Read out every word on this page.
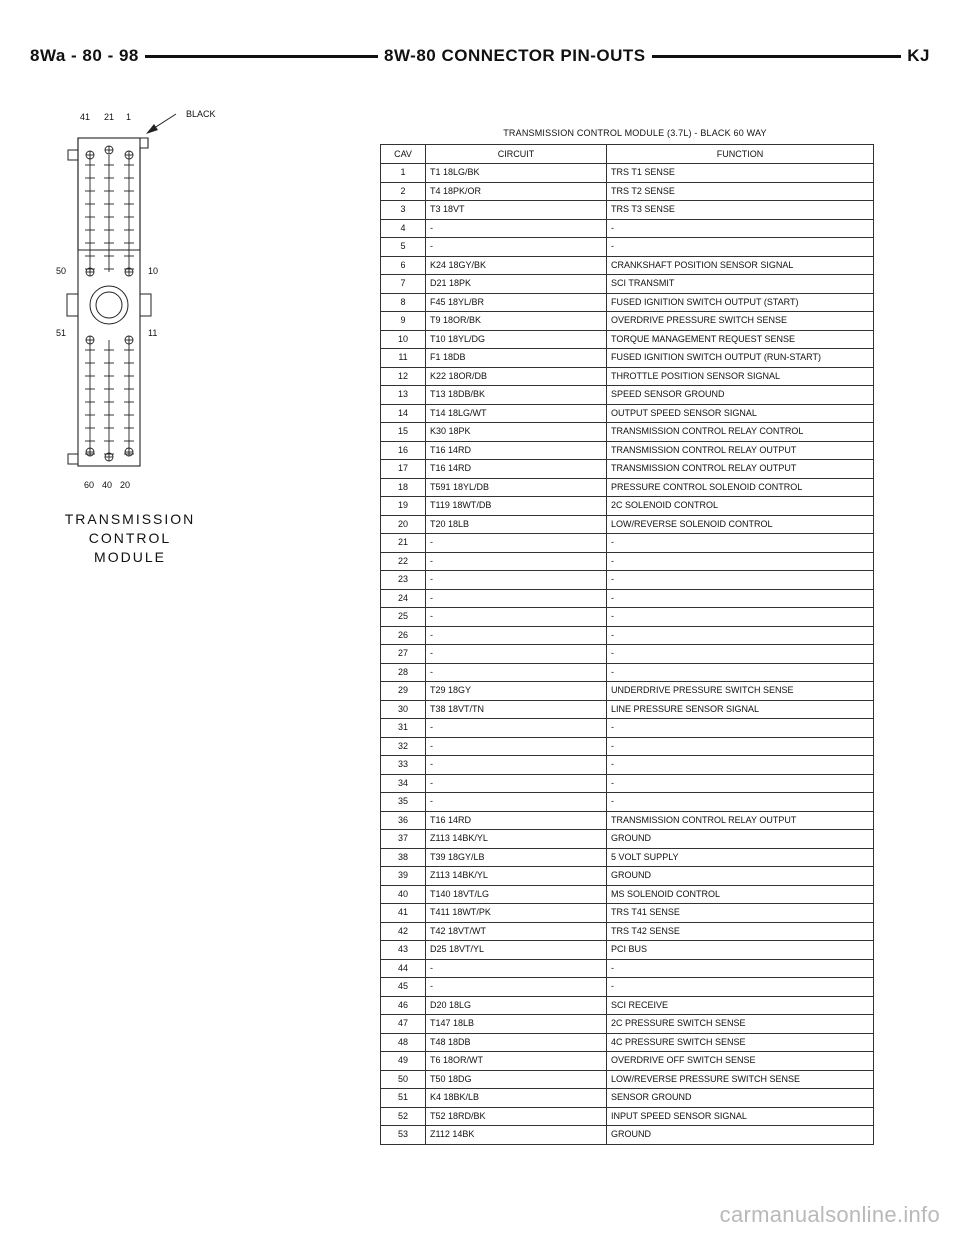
8Wa - 80 - 98	8W-80 CONNECTOR PIN-OUTS	KJ
41 21 1	BLACK
50	10
51	11
60 40 20
TRANSMISSION
CONTROL
MODULE
TRANSMISSION CONTROL MODULE (3.7L) - BLACK 60 WAY
CAV	CIRCUIT	FUNCTION
1	T1 18LG/BK	TRS T1 SENSE
2	T4 18PK/OR	TRS T2 SENSE
3	T3 18VT	TRS T3 SENSE
4	-	-
5	-	-
6	K24 18GY/BK	CRANKSHAFT POSITION SENSOR SIGNAL
7	D21 18PK	SCI TRANSMIT
8	F45 18YL/BR	FUSED IGNITION SWITCH OUTPUT (START)
9	T9 18OR/BK	OVERDRIVE PRESSURE SWITCH SENSE
10	T10 18YL/DG	TORQUE MANAGEMENT REQUEST SENSE
11	F1 18DB	FUSED IGNITION SWITCH OUTPUT (RUN-START)
12	K22 18OR/DB	THROTTLE POSITION SENSOR SIGNAL
13	T13 18DB/BK	SPEED SENSOR GROUND
14	T14 18LG/WT	OUTPUT SPEED SENSOR SIGNAL
15	K30 18PK	TRANSMISSION CONTROL RELAY CONTROL
16	T16 14RD	TRANSMISSION CONTROL RELAY OUTPUT
17	T16 14RD	TRANSMISSION CONTROL RELAY OUTPUT
18	T591 18YL/DB	PRESSURE CONTROL SOLENOID CONTROL
19	T119 18WT/DB	2C SOLENOID CONTROL
20	T20 18LB	LOW/REVERSE SOLENOID CONTROL
21	-	-
22	-	-
23	-	-
24	-	-
25	-	-
26	-	-
27	-	-
28	-	-
29	T29 18GY	UNDERDRIVE PRESSURE SWITCH SENSE
30	T38 18VT/TN	LINE PRESSURE SENSOR SIGNAL
31	-	-
32	-	-
33	-	-
34	-	-
35	-	-
36	T16 14RD	TRANSMISSION CONTROL RELAY OUTPUT
37	Z113 14BK/YL	GROUND
38	T39 18GY/LB	5 VOLT SUPPLY
39	Z113 14BK/YL	GROUND
40	T140 18VT/LG	MS SOLENOID CONTROL
41	T411 18WT/PK	TRS T41 SENSE
42	T42 18VT/WT	TRS T42 SENSE
43	D25 18VT/YL	PCI BUS
44	-	-
45	-	-
46	D20 18LG	SCI RECEIVE
47	T147 18LB	2C PRESSURE SWITCH SENSE
48	T48 18DB	4C PRESSURE SWITCH SENSE
49	T6 18OR/WT	OVERDRIVE OFF SWITCH SENSE
50	T50 18DG	LOW/REVERSE PRESSURE SWITCH SENSE
51	K4 18BK/LB	SENSOR GROUND
52	T52 18RD/BK	INPUT SPEED SENSOR SIGNAL
53	Z112 14BK	GROUND
carmanualsonline.info
